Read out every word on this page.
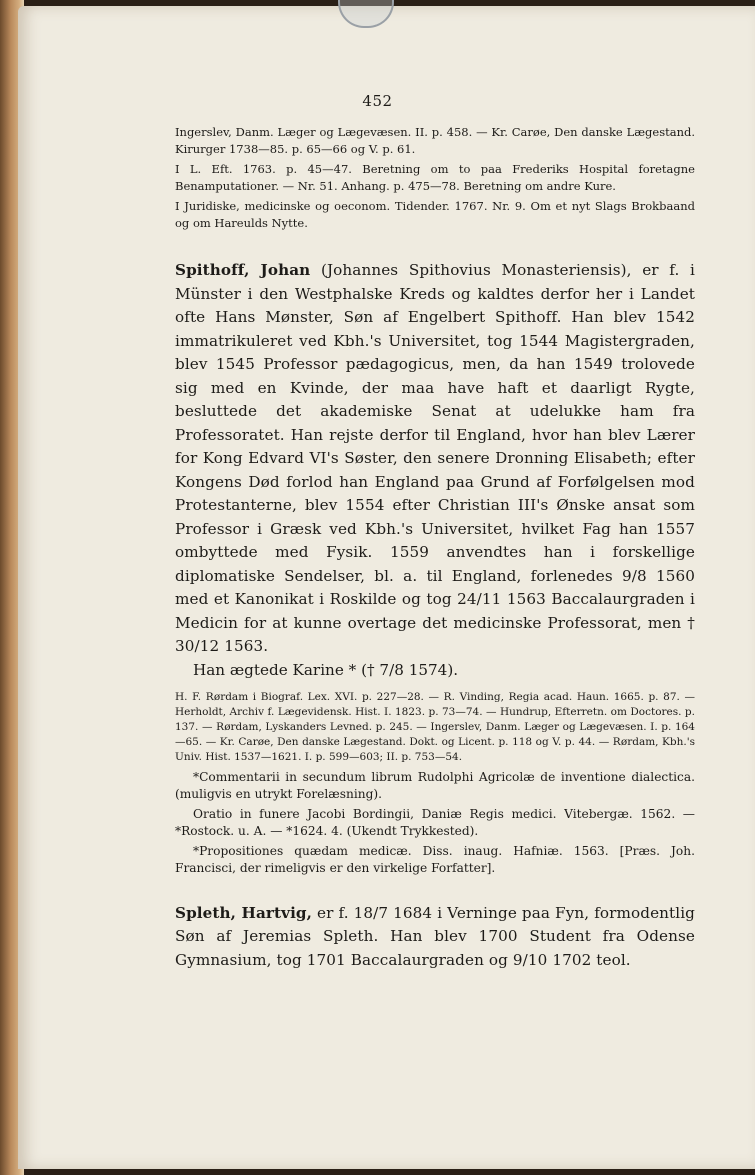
452

Ingerslev, Danm. Læger og Lægevæsen. II. p. 458. — Kr. Carøe, Den danske Lægestand. Kirurger 1738—85. p. 65—66 og V. p. 61.

I L. Eft. 1763. p. 45—47. Beretning om to paa Frederiks Hospital foretagne Benamputationer. — Nr. 51. Anhang. p. 475—78. Beretning om andre Kure.

I Juridiske, medicinske og oeconom. Tidender. 1767. Nr. 9. Om et nyt Slags Brokbaand og om Hareulds Nytte.

Spithoff, Johan (Johannes Spithovius Monasteriensis), er f. i Münster i den Westphalske Kreds og kaldtes derfor her i Landet ofte Hans Mønster, Søn af Engelbert Spithoff. Han blev 1542 immatrikuleret ved Kbh.'s Universitet, tog 1544 Magistergraden, blev 1545 Professor pædagogicus, men, da han 1549 trolovede sig med en Kvinde, der maa have haft et daarligt Rygte, besluttede det akademiske Senat at udelukke ham fra Professoratet. Han rejste derfor til England, hvor han blev Lærer for Kong Edvard VI's Søster, den senere Dronning Elisabeth; efter Kongens Død forlod han England paa Grund af Forfølgelsen mod Protestanterne, blev 1554 efter Christian III's Ønske ansat som Professor i Græsk ved Kbh.'s Universitet, hvilket Fag han 1557 ombyttede med Fysik. 1559 anvendtes han i forskellige diplomatiske Sendelser, bl. a. til England, forlenedes 9/8 1560 med et Kanonikat i Roskilde og tog 24/11 1563 Baccalaurgraden i Medicin for at kunne overtage det medicinske Professorat, men † 30/12 1563.

Han ægtede Karine * († 7/8 1574).

H. F. Rørdam i Biograf. Lex. XVI. p. 227—28. — R. Vinding, Regia acad. Haun. 1665. p. 87. — Herholdt, Archiv f. Lægevidensk. Hist. I. 1823. p. 73—74. — Hundrup, Efterretn. om Doctores. p. 137. — Rørdam, Lyskanders Levned. p. 245. — Ingerslev, Danm. Læger og Lægevæsen. I. p. 164—65. — Kr. Carøe, Den danske Lægestand. Dokt. og Licent. p. 118 og V. p. 44. — Rørdam, Kbh.'s Univ. Hist. 1537—1621. I. p. 599—603; II. p. 753—54.

*Commentarii in secundum librum Rudolphi Agricolæ de inventione dialectica. (muligvis en utrykt Forelæsning).

Oratio in funere Jacobi Bordingii, Daniæ Regis medici. Vitebergæ. 1562. — *Rostock. u. A. — *1624. 4. (Ukendt Trykkested).

*Propositiones quædam medicæ. Diss. inaug. Hafniæ. 1563. [Præs. Joh. Francisci, der rimeligvis er den virkelige Forfatter].

Spleth, Hartvig, er f. 18/7 1684 i Verninge paa Fyn, formodentlig Søn af Jeremias Spleth. Han blev 1700 Student fra Odense Gymnasium, tog 1701 Baccalaurgraden og 9/10 1702 teol.
